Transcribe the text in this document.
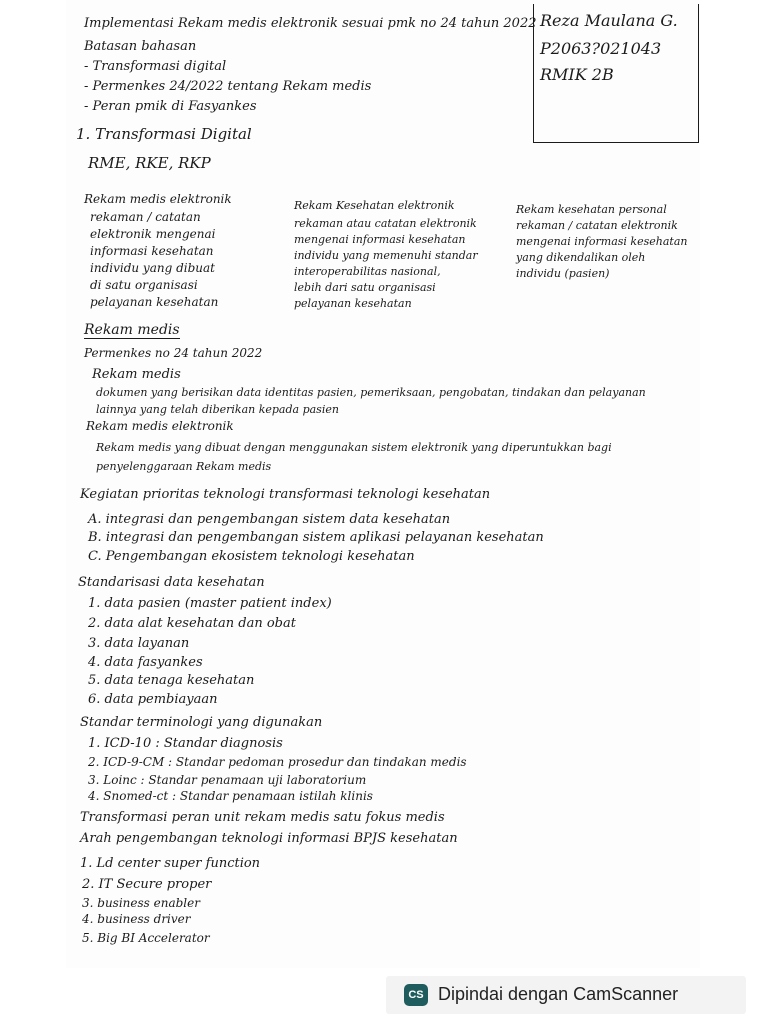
Implementasi Rekam medis elektronik sesuai pmk no 24 tahun 2022 Reza Maulana G.
P2063?021043
RMIK 2B
Batasan bahasan
- Transformasi digital
- Permenkes 24/2022 tentang Rekam medis
- Peran pmik di Fasyankes
1. Transformasi Digital
RME, RKE, RKP
Rekam medis elektronik
rekaman / catatan
elektronik mengenai
informasi kesehatan
individu yang dibuat
di satu organisasi
pelayanan kesehatan
Rekam Kesehatan elektronik
rekaman atau catatan elektronik
mengenai informasi kesehatan
individu yang memenuhi standar
interoperabilitas nasional,
lebih dari satu organisasi
pelayanan kesehatan
Rekam kesehatan personal
rekaman / catatan elektronik
mengenai informasi kesehatan
yang dikendalikan oleh
individu (pasien)
Rekam medis
Permenkes no 24 tahun 2022
Rekam medis
dokumen yang berisikan data identitas pasien, pemeriksaan, pengobatan, tindakan dan pelayanan
lainnya yang telah diberikan kepada pasien
Rekam medis elektronik
Rekam medis yang dibuat dengan menggunakan sistem elektronik yang diperuntukkan bagi
penyelenggaraan Rekam medis
Kegiatan prioritas teknologi transformasi teknologi kesehatan
A. integrasi dan pengembangan sistem data kesehatan
B. integrasi dan pengembangan sistem aplikasi pelayanan kesehatan
C. Pengembangan ekosistem teknologi kesehatan
Standarisasi data kesehatan
1. data pasien (master patient index)
2. data alat kesehatan dan obat
3. data layanan
4. data fasyankes
5. data tenaga kesehatan
6. data pembiayaan
Standar terminologi yang digunakan
1. ICD-10 : Standar diagnosis
2. ICD-9-CM : Standar pedoman prosedur dan tindakan medis
3. Loinc : Standar penamaan uji laboratorium
4. Snomed-ct : Standar penamaan istilah klinis
Transformasi peran unit rekam medis satu fokus medis
Arah pengembangan teknologi informasi BPJS kesehatan
1. Ld center super function
2. IT Secure proper
3. business enabler
4. business driver
5. Big BI Accelerator
CS Dipindai dengan CamScanner
